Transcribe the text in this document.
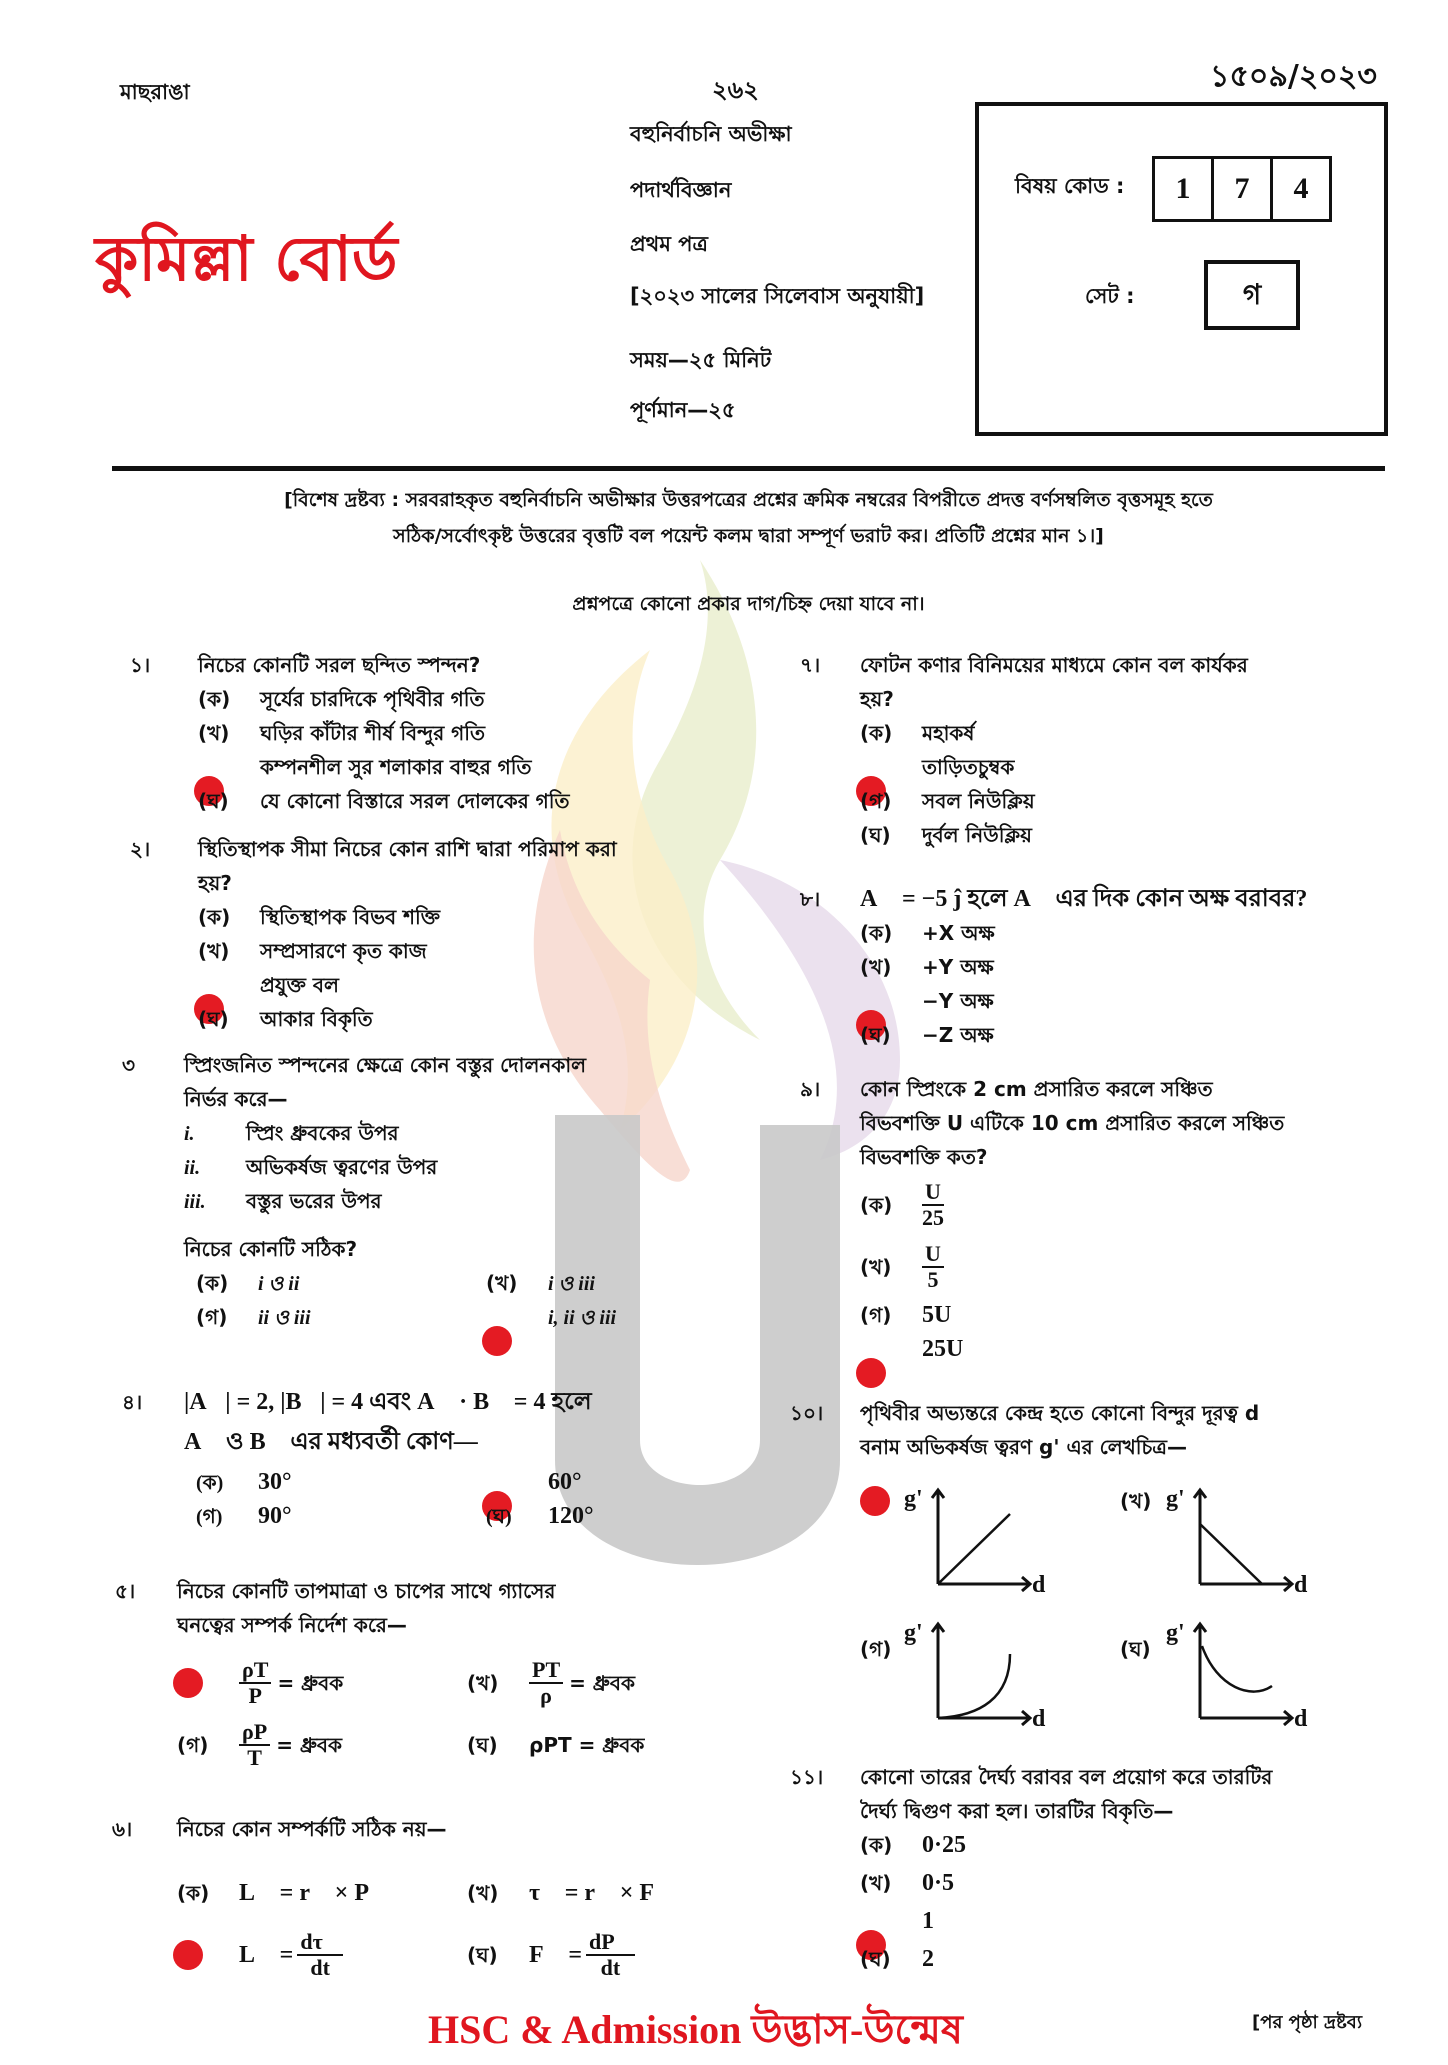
মাছরাঙা	২৬২	১৫০৯/২০২৩
কুমিল্লা বোর্ড
বহুনির্বাচনি অভীক্ষা
পদার্থবিজ্ঞান
প্রথম পত্র
[২০২৩ সালের সিলেবাস অনুযায়ী]
সময়—২৫ মিনিট
পূর্ণমান—২৫
বিষয় কোড :	1 7 4
সেট :	গ
[বিশেষ দ্রষ্টব্য : সরবরাহকৃত বহুনির্বাচনি অভীক্ষার উত্তরপত্রের প্রশ্নের ক্রমিক নম্বরের বিপরীতে প্রদত্ত বর্ণসম্বলিত বৃত্তসমূহ হতে
সঠিক/সর্বোৎকৃষ্ট উত্তরের বৃত্তটি বল পয়েন্ট কলম দ্বারা সম্পূর্ণ ভরাট কর। প্রতিটি প্রশ্নের মান ১।]
প্রশ্নপত্রে কোনো প্রকার দাগ/চিহ্ন দেয়া যাবে না।
১। নিচের কোনটি সরল ছন্দিত স্পন্দন?
(ক) সূর্যের চারদিকে পৃথিবীর গতি
(খ) ঘড়ির কাঁটার শীর্ষ বিন্দুর গতি
কম্পনশীল সুর শলাকার বাহুর গতি
(ঘ) যে কোনো বিস্তারে সরল দোলকের গতি
২। স্থিতিস্থাপক সীমা নিচের কোন রাশি দ্বারা পরিমাপ করা
হয়?
(ক) স্থিতিস্থাপক বিভব শক্তি
(খ) সম্প্রসারণে কৃত কাজ
প্রযুক্ত বল
(ঘ) আকার বিকৃতি
৩ স্প্রিংজনিত স্পন্দনের ক্ষেত্রে কোন বস্তুর দোলনকাল
নির্ভর করে—
i.	স্প্রিং ধ্রুবকের উপর
ii. অভিকর্ষজ ত্বরণের উপর
iii. বস্তুর ভরের উপর
নিচের কোনটি সঠিক?
(ক) i ও ii	(খ) i ও iii
(গ) ii ও iii	i, ii ও iii
৪। |A⃗| = 2, |B⃗| = 4 এবং A⃗ · B⃗ = 4 হলে
A⃗ ও B⃗ এর মধ্যবর্তী কোণ—
(ক) 30°	60°
(গ) 90°	(ঘ) 120°
৫। নিচের কোনটি তাপমাত্রা ও চাপের সাথে গ্যাসের
ঘনত্বের সম্পর্ক নির্দেশ করে—
$\frac{\rho T}{P}$ = ধ্রুবক	(খ)	$\frac{PT}{\rho}$ = ধ্রুবক
(গ)	$\frac{\rho P}{T}$ = ধ্রুবক	(ঘ)	ρPT = ধ্রুবক
৬। নিচের কোন সম্পর্কটি সঠিক নয়—
(ক)	L⃗ = r⃗ × P⃗	(খ)	τ⃗ = r⃗ × F⃗
L⃗ = $\frac{d\tau⃗}{dt}$	(ঘ)	F⃗ = $\frac{dP⃗}{dt}$
৭। ফোটন কণার বিনিময়ের মাধ্যমে কোন বল কার্যকর
হয়?
(ক) মহাকর্ষ
তাড়িতচুম্বক
(গ) সবল নিউক্লিয়
(ঘ) দুর্বল নিউক্লিয়
৮। A⃗ = −5 ĵ হলে A⃗ এর দিক কোন অক্ষ বরাবর?
(ক) +X অক্ষ
(খ) +Y অক্ষ
−Y অক্ষ
(ঘ) −Z অক্ষ
৯। কোন স্প্রিংকে 2 cm প্রসারিত করলে সঞ্চিত
বিভবশক্তি U এটিকে 10 cm প্রসারিত করলে সঞ্চিত
বিভবশক্তি কত?
(ক)	$\frac{U}{25}$
(খ)	$\frac{U}{5}$
(গ) 5U
25U
১০। পৃথিবীর অভ্যন্তরে কেন্দ্র হতে কোনো বিন্দুর দূরত্ব d
বনাম অভিকর্ষজ ত্বরণ g' এর লেখচিত্র—
g'
d
(খ) g'
d
(গ)
g'
d
(ঘ)
g'
d
১১। কোনো তারের দৈর্ঘ্য বরাবর বল প্রয়োগ করে তারটির
দৈর্ঘ্য দ্বিগুণ করা হল। তারটির বিকৃতি—
(ক) 0·25
(খ) 0·5
1
(ঘ) 2
HSC & Admission উদ্ভাস-উন্মেষ	[পর পৃষ্ঠা দ্রষ্টব্য
